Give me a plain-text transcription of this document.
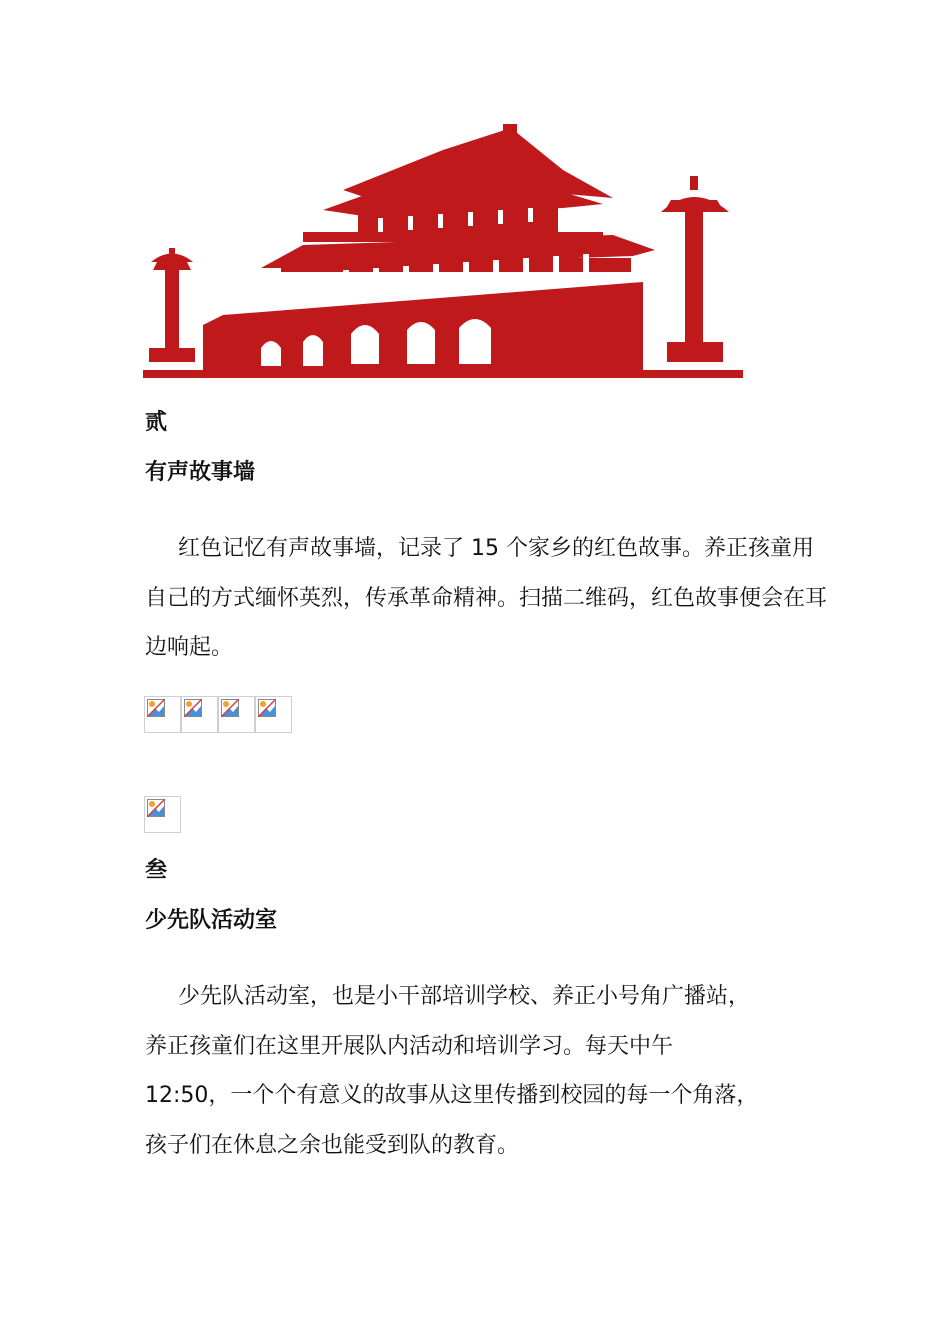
贰
有声故事墙

红色记忆有声故事墙，记录了 15 个家乡的红色故事。养正孩童用自己的方式缅怀英烈，传承革命精神。扫描二维码，红色故事便会在耳边响起。

叁
少先队活动室

少先队活动室，也是小干部培训学校、养正小号角广播站，

养正孩童们在这里开展队内活动和培训学习。每天中午

12:50，一个个有意义的故事从这里传播到校园的每一个角落，

孩子们在休息之余也能受到队的教育。
